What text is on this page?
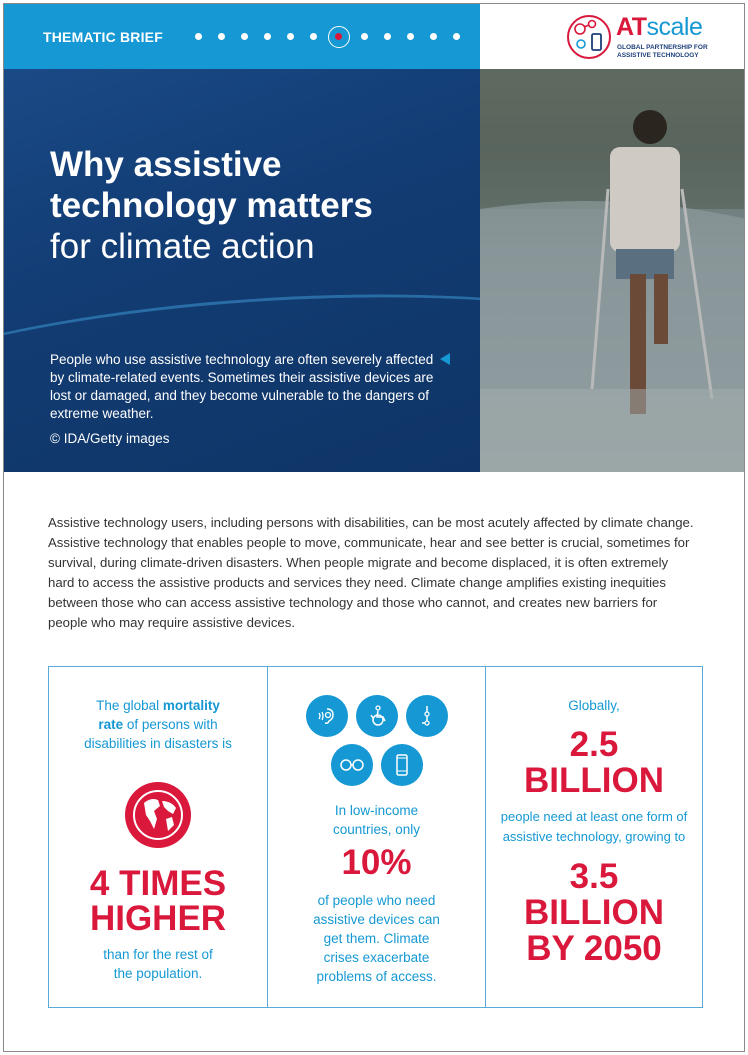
THEMATIC BRIEF	ATscale
GLOBAL PARTNERSHIP FOR
ASSISTIVE TECHNOLOGY
Why assistive
technology matters
for climate action
People who use assistive technology are often severely affected by climate-related events. Sometimes their assistive devices are lost or damaged, and they become vulnerable to the dangers of extreme weather.
© IDA/Getty images
Assistive technology users, including persons with disabilities, can be most acutely affected by climate change. Assistive technology that enables people to move, communicate, hear and see better is crucial, sometimes for survival, during climate-driven disasters. When people migrate and become displaced, it is often extremely hard to access the assistive products and services they need. Climate change amplifies existing inequities between those who can access assistive technology and those who cannot, and creates new barriers for people who may require assistive devices.
The global mortality
rate of persons with
disabilities in disasters is
4 TIMES
HIGHER
than for the rest of
the population.
In low-income
countries, only
10%
of people who need
assistive devices can
get them. Climate
crises exacerbate
problems of access.
Globally,
2.5
BILLION
people need at least one form of
assistive technology, growing to
3.5
BILLION
BY 2050
